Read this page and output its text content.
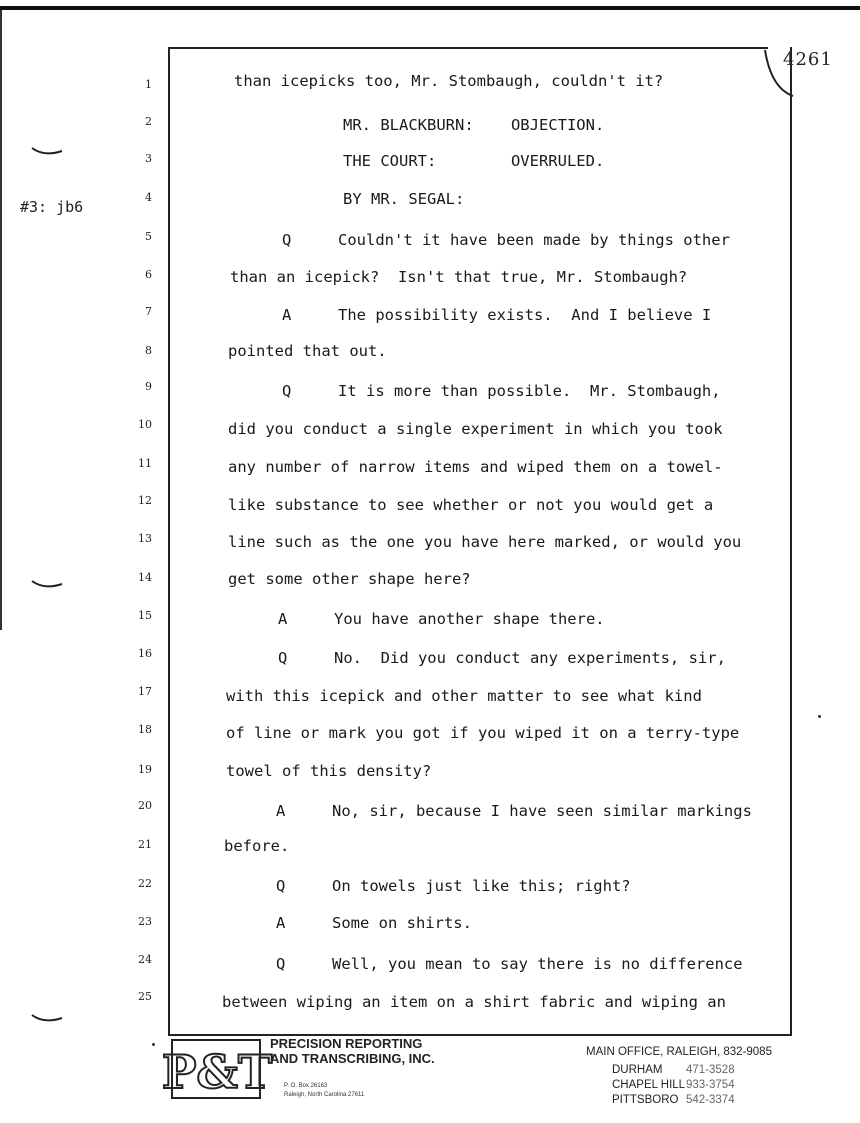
4261
#3: jb6
1	than icepicks too, Mr. Stombaugh, couldn't it?
2	MR. BLACKBURN:    OBJECTION.
3	THE COURT:        OVERRULED.
4	BY MR. SEGAL:
5	Q     Couldn't it have been made by things other
6	than an icepick?  Isn't that true, Mr. Stombaugh?
7	A     The possibility exists.  And I believe I
8	pointed that out.
9	Q     It is more than possible.  Mr. Stombaugh,
10	did you conduct a single experiment in which you took
11	any number of narrow items and wiped them on a towel-
12	like substance to see whether or not you would get a
13	line such as the one you have here marked, or would you
14	get some other shape here?
15	A     You have another shape there.
16	Q     No.  Did you conduct any experiments, sir,
17	with this icepick and other matter to see what kind
18	of line or mark you got if you wiped it on a terry-type
19	towel of this density?
20	A     No, sir, because I have seen similar markings
21	before.
22	Q     On towels just like this; right?
23	A     Some on shirts.
24	Q     Well, you mean to say there is no difference
25	between wiping an item on a shirt fabric and wiping an
P&T
PRECISION REPORTING
AND TRANSCRIBING, INC.
P. O. Box 26163
Raleigh, North Carolina 27611
MAIN OFFICE, RALEIGH, 832-9085
DURHAM 471-3528
CHAPEL HILL933-3754
PITTSBORO 542-3374
